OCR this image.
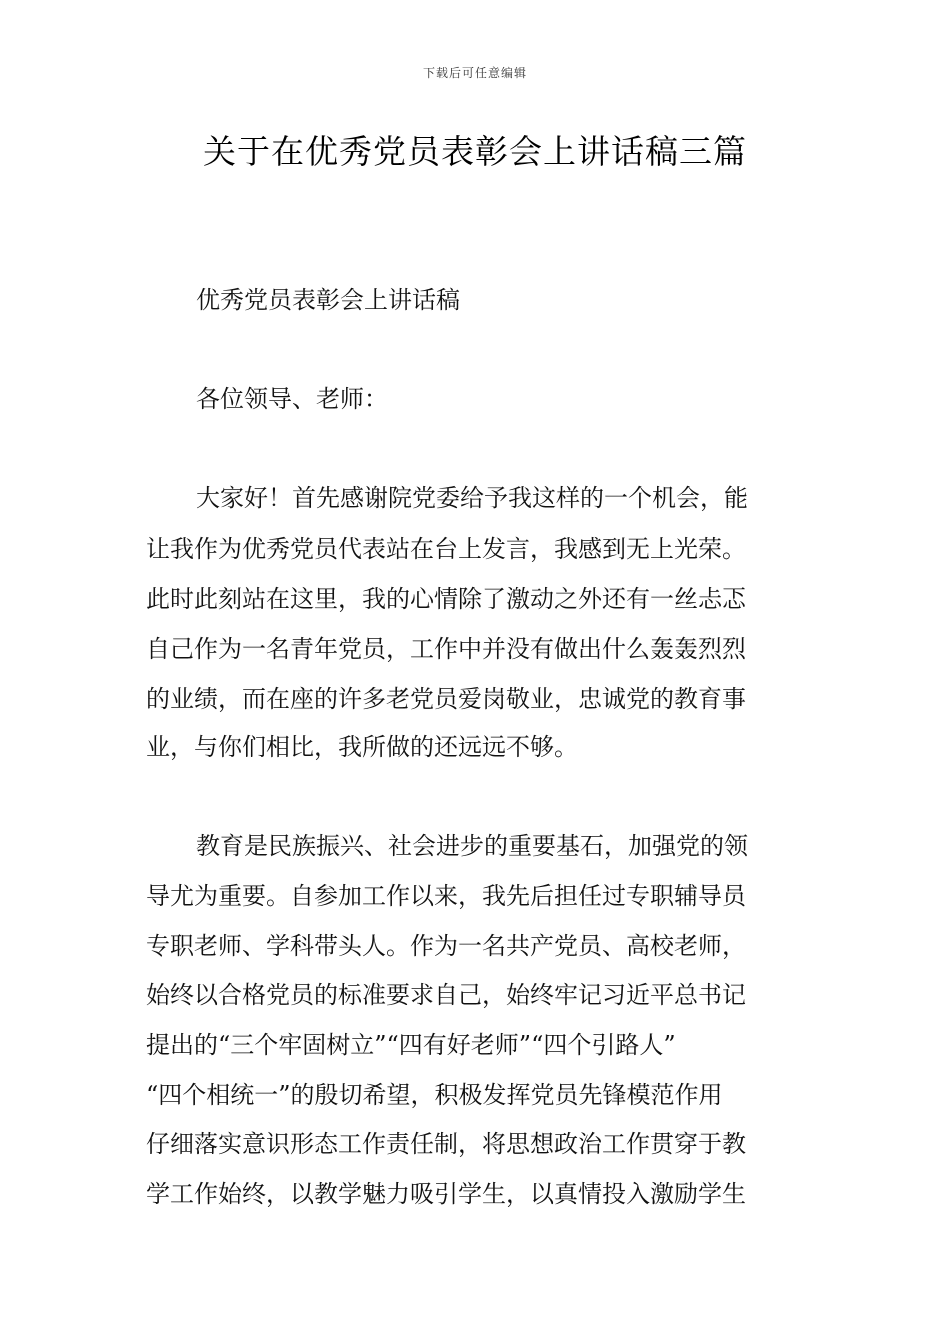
下载后可任意编辑
关于在优秀党员表彰会上讲话稿三篇
优秀党员表彰会上讲话稿
各位领导、老师：
大家好！首先感谢院党委给予我这样的一个机会，能
让我作为优秀党员代表站在台上发言，我感到无上光荣。
此时此刻站在这里，我的心情除了激动之外还有一丝忐忑
自己作为一名青年党员，工作中并没有做出什么轰轰烈烈
的业绩，而在座的许多老党员爱岗敬业，忠诚党的教育事
业，与你们相比，我所做的还远远不够。
教育是民族振兴、社会进步的重要基石，加强党的领
导尤为重要。自参加工作以来，我先后担任过专职辅导员
专职老师、学科带头人。作为一名共产党员、高校老师，
始终以合格党员的标准要求自己，始终牢记习近平总书记
提出的“三个牢固树立”“四有好老师”“四个引路人”
“四个相统一”的殷切希望，积极发挥党员先锋模范作用
仔细落实意识形态工作责任制，将思想政治工作贯穿于教
学工作始终，以教学魅力吸引学生，以真情投入激励学生
